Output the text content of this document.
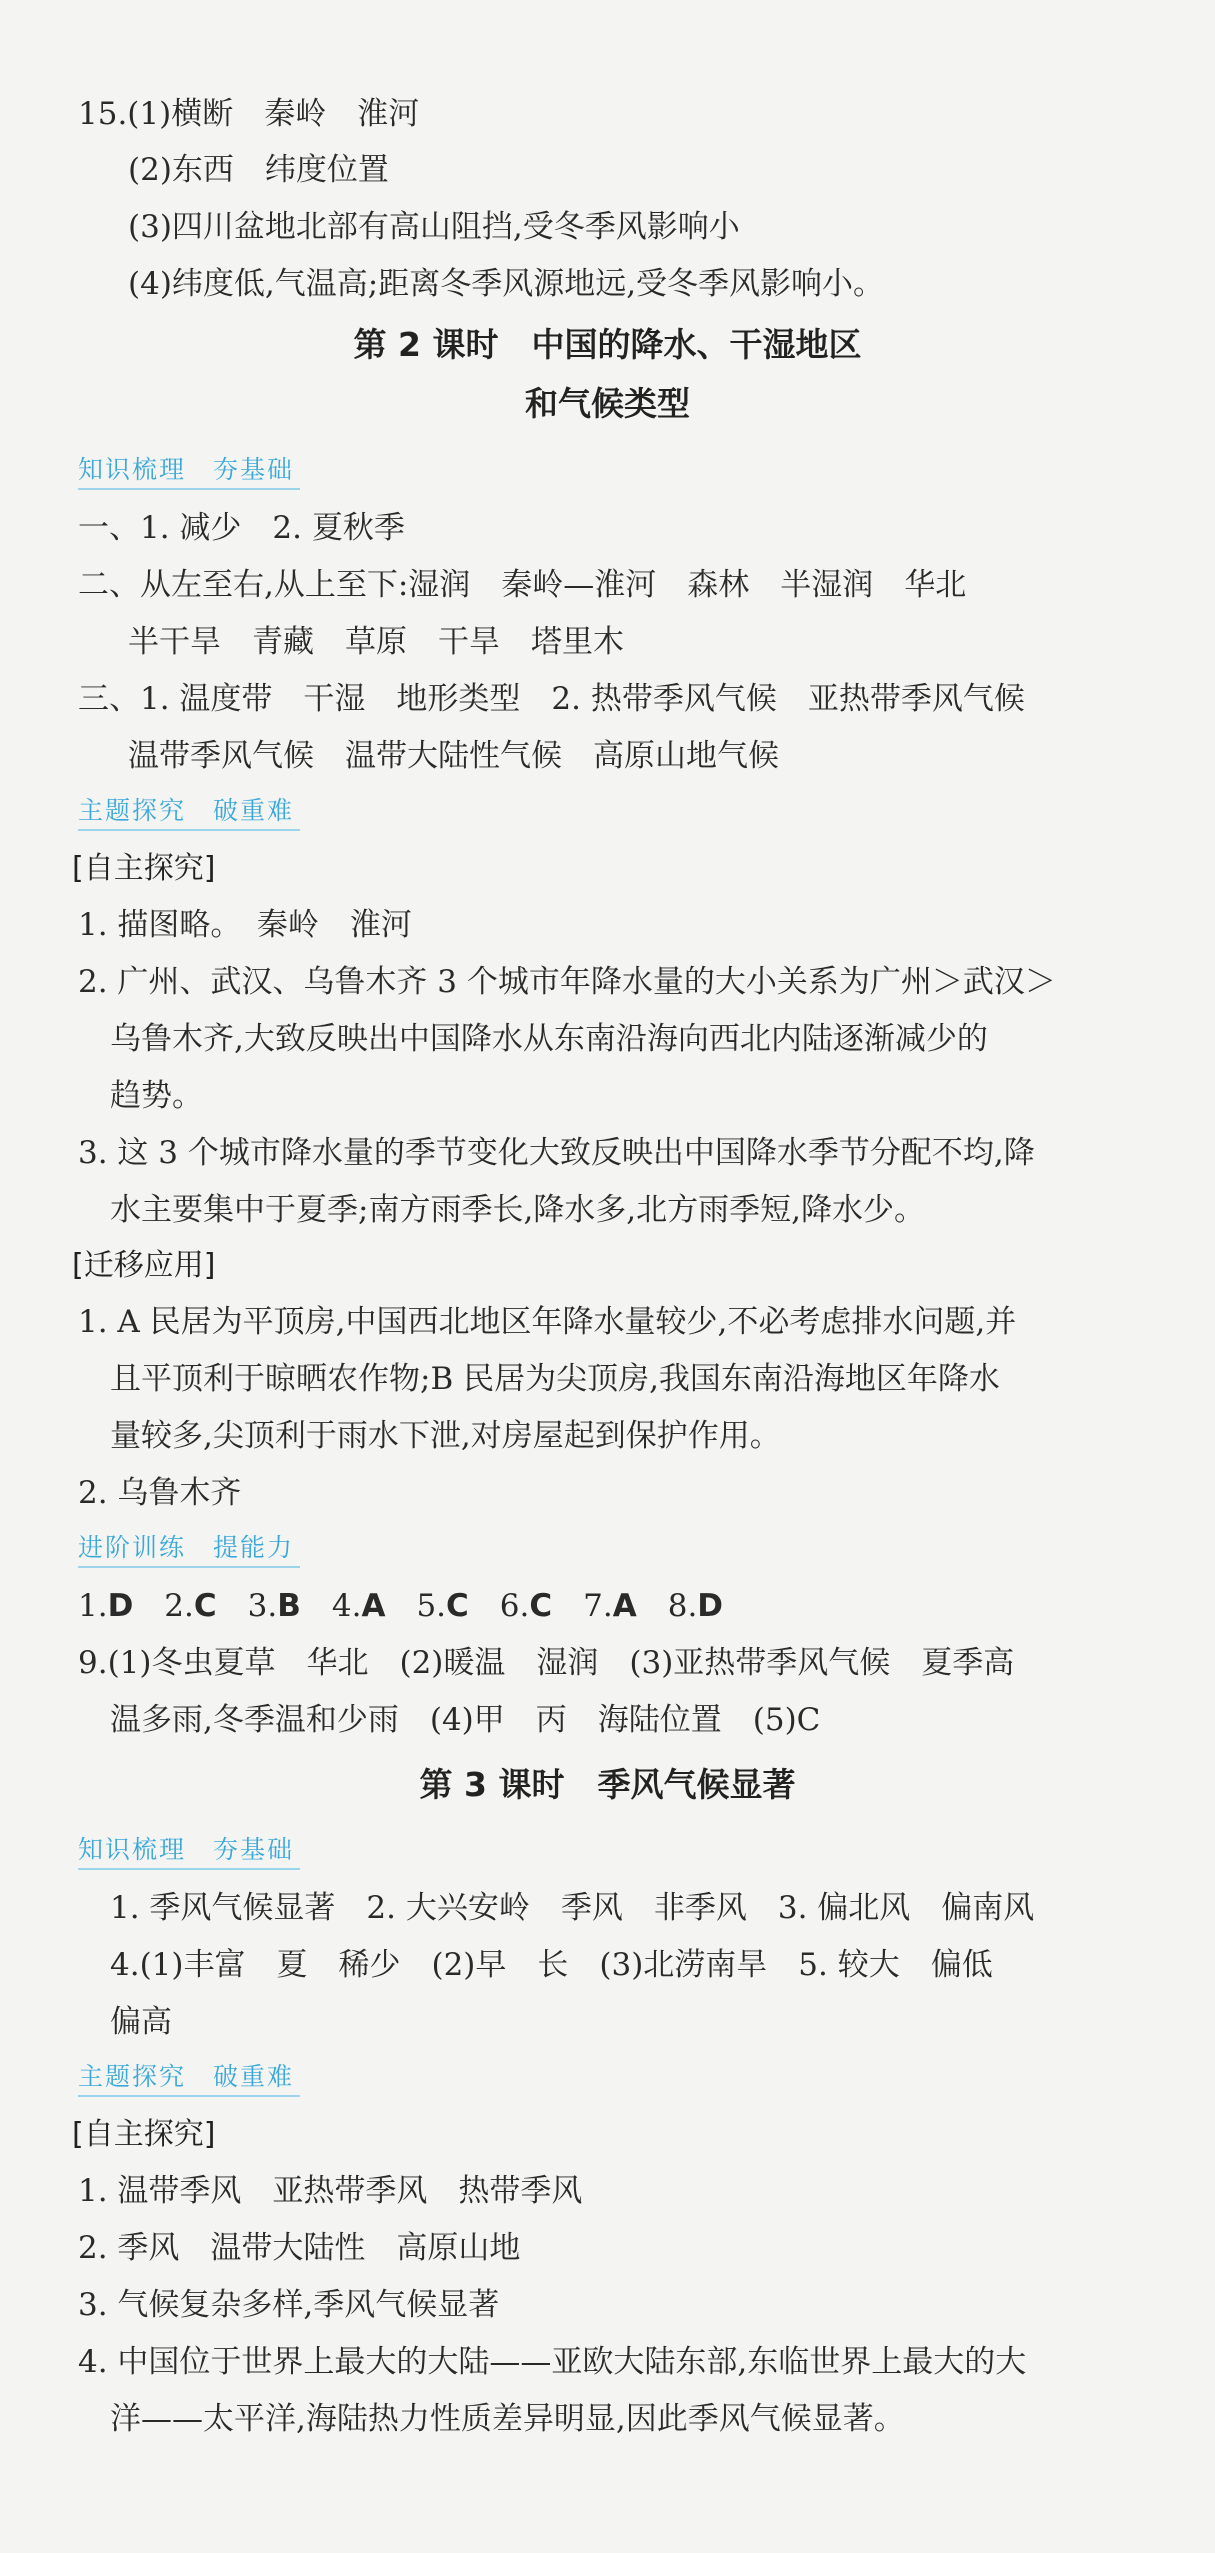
15.(1)横断　秦岭　淮河
(2)东西　纬度位置
(3)四川盆地北部有高山阻挡,受冬季风影响小
(4)纬度低,气温高;距离冬季风源地远,受冬季风影响小。
第 2 课时　中国的降水、干湿地区
和气候类型
知识梳理　夯基础
一、1. 减少　2. 夏秋季
二、从左至右,从上至下:湿润　秦岭—淮河　森林　半湿润　华北
半干旱　青藏　草原　干旱　塔里木
三、1. 温度带　干湿　地形类型　2. 热带季风气候　亚热带季风气候
温带季风气候　温带大陆性气候　高原山地气候
主题探究　破重难
[自主探究]
1. 描图略。　秦岭　淮河
2. 广州、武汉、乌鲁木齐 3 个城市年降水量的大小关系为广州＞武汉＞
乌鲁木齐,大致反映出中国降水从东南沿海向西北内陆逐渐减少的
趋势。
3. 这 3 个城市降水量的季节变化大致反映出中国降水季节分配不均,降
水主要集中于夏季;南方雨季长,降水多,北方雨季短,降水少。
[迁移应用]
1. A 民居为平顶房,中国西北地区年降水量较少,不必考虑排水问题,并
且平顶利于晾晒农作物;B 民居为尖顶房,我国东南沿海地区年降水
量较多,尖顶利于雨水下泄,对房屋起到保护作用。
2. 乌鲁木齐
进阶训练　提能力
1.D　2.C　3.B　4.A　5.C　6.C　7.A　8.D
9.(1)冬虫夏草　华北　(2)暖温　湿润　(3)亚热带季风气候　夏季高
温多雨,冬季温和少雨　(4)甲　丙　海陆位置　(5)C
第 3 课时　季风气候显著
知识梳理　夯基础
1. 季风气候显著　2. 大兴安岭　季风　非季风　3. 偏北风　偏南风
4.(1)丰富　夏　稀少　(2)早　长　(3)北涝南旱　5. 较大　偏低
偏高
主题探究　破重难
[自主探究]
1. 温带季风　亚热带季风　热带季风
2. 季风　温带大陆性　高原山地
3. 气候复杂多样,季风气候显著
4. 中国位于世界上最大的大陆——亚欧大陆东部,东临世界上最大的大
洋——太平洋,海陆热力性质差异明显,因此季风气候显著。
